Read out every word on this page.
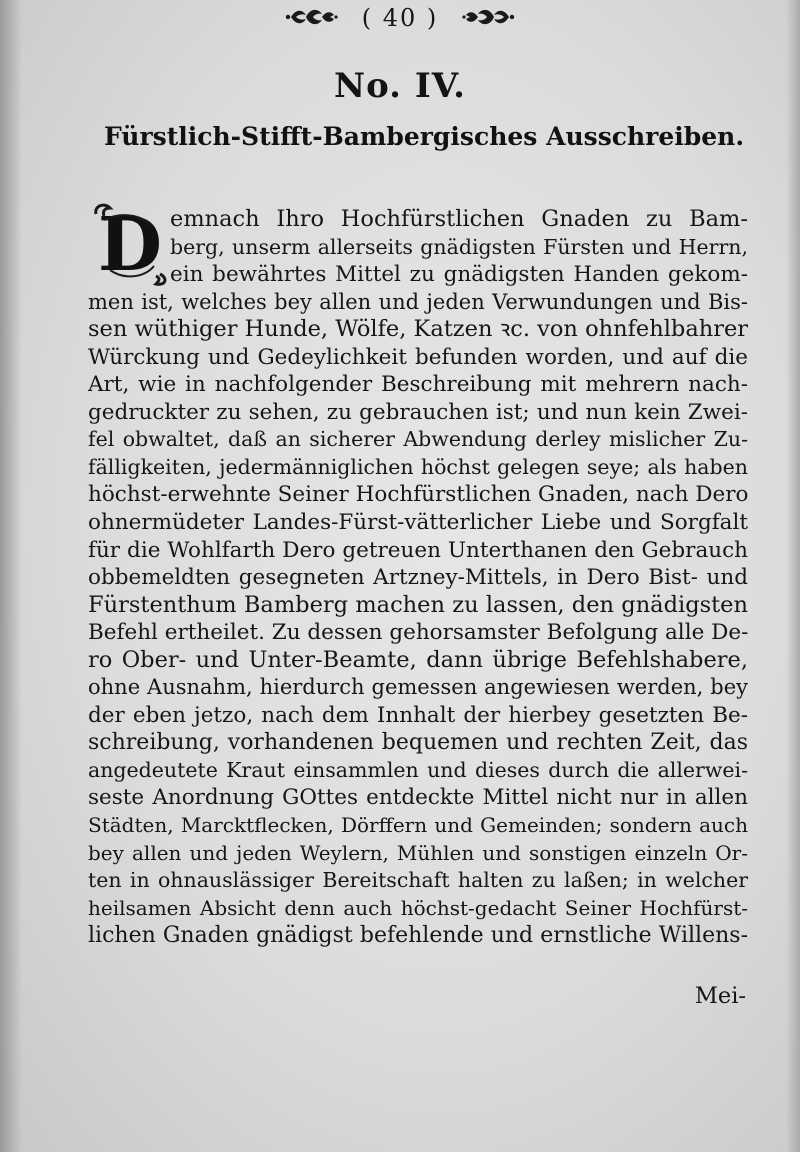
( 40 )
No. IV.
Fürstlich-Stifft-Bambergisches Ausschreiben.
D emnach Ihro Hochfürstlichen Gnaden zu Bam-
berg, unserm allerseits gnädigsten Fürsten und Herrn,
ein bewährtes Mittel zu gnädigsten Handen gekom-
men ist, welches bey allen und jeden Verwundungen und Bis-
sen wüthiger Hunde, Wölfe, Katzen ꝛc. von ohnfehlbahrer
Würckung und Gedeylichkeit befunden worden, und auf die
Art, wie in nachfolgender Beschreibung mit mehrern nach-
gedruckter zu sehen, zu gebrauchen ist; und nun kein Zwei-
fel obwaltet, daß an sicherer Abwendung derley mislicher Zu-
fälligkeiten, jedermänniglichen höchst gelegen seye; als haben
höchst-erwehnte Seiner Hochfürstlichen Gnaden, nach Dero
ohnermüdeter Landes-Fürst-vätterlicher Liebe und Sorgfalt
für die Wohlfarth Dero getreuen Unterthanen den Gebrauch
obbemeldten gesegneten Artzney-Mittels, in Dero Bist- und
Fürstenthum Bamberg machen zu lassen, den gnädigsten
Befehl ertheilet. Zu dessen gehorsamster Befolgung alle De-
ro Ober- und Unter-Beamte, dann übrige Befehlshabere,
ohne Ausnahm, hierdurch gemessen angewiesen werden, bey
der eben jetzo, nach dem Innhalt der hierbey gesetzten Be-
schreibung, vorhandenen bequemen und rechten Zeit, das
angedeutete Kraut einsammlen und dieses durch die allerwei-
seste Anordnung GOttes entdeckte Mittel nicht nur in allen
Städten, Marcktflecken, Dörffern und Gemeinden; sondern auch
bey allen und jeden Weylern, Mühlen und sonstigen einzeln Or-
ten in ohnauslässiger Bereitschaft halten zu laßen; in welcher
heilsamen Absicht denn auch höchst-gedacht Seiner Hochfürst-
lichen Gnaden gnädigst befehlende und ernstliche Willens-
Mei-
